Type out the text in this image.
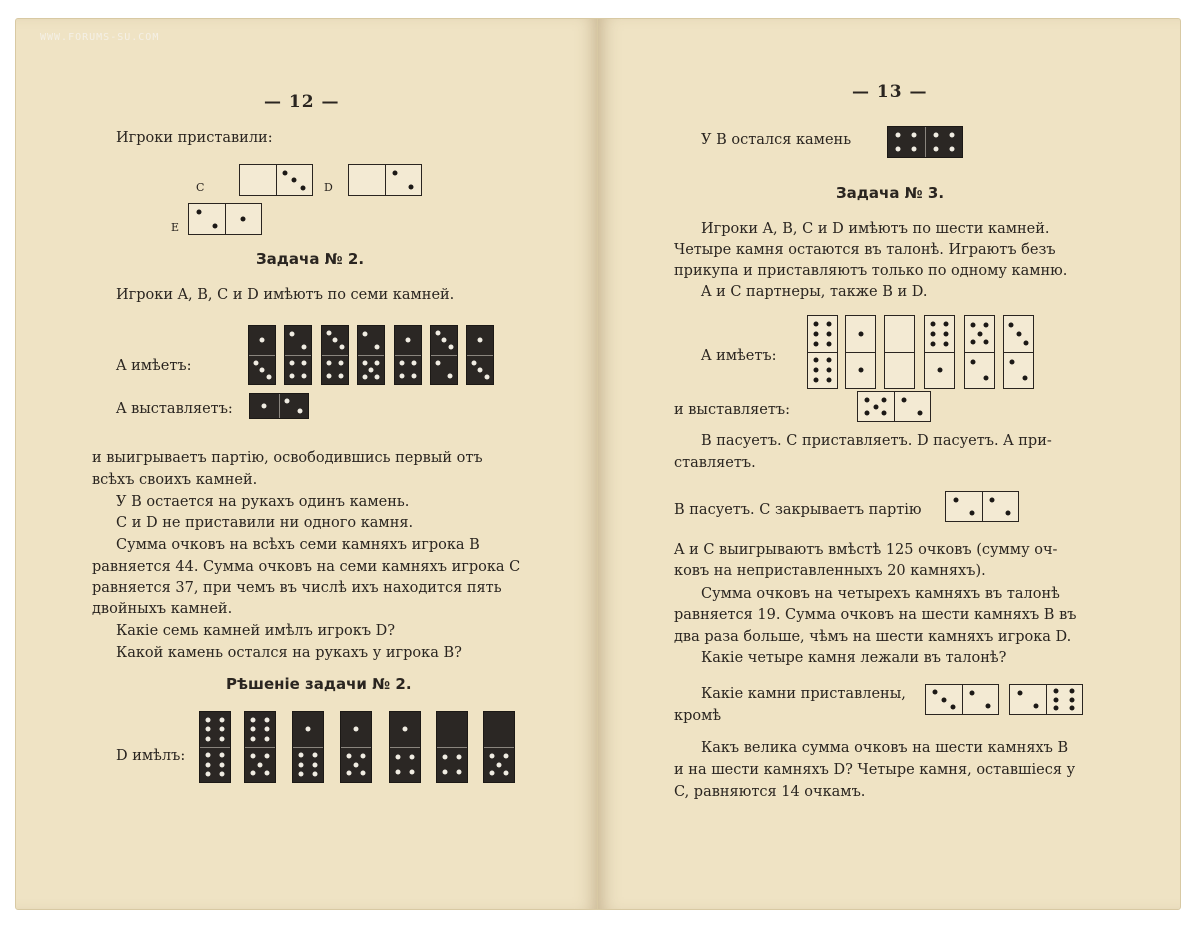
WWW.FORUMS-SU.COM
— 12 —
Игроки приставили:
C	D
E
Задача № 2.
Игроки A, B, C и D имѣютъ по семи камней.
A имѣетъ:
A выставляетъ:
и выигрываетъ партію, освободившись первый отъ
всѣхъ своихъ камней.
У B остается на рукахъ одинъ камень.
C и D не приставили ни одного камня.
Сумма очковъ на всѣхъ семи камняхъ игрока B
равняется 44. Сумма очковъ на семи камняхъ игрока C
равняется 37, при чемъ въ числѣ ихъ находится пять
двойныхъ камней.
Какіе семь камней имѣлъ игрокъ D?
Какой камень остался на рукахъ у игрока B?
Рѣшеніе задачи № 2.
D имѣлъ:
— 13 —
У B остался камень
Задача № 3.
Игроки A, B, C и D имѣютъ по шести камней.
Четыре камня остаются въ талонѣ. Играютъ безъ
прикупа и приставляютъ только по одному камню.
A и C партнеры, также B и D.
A имѣетъ:
и выставляетъ:
B пасуетъ. C приставляетъ. D пасуетъ. A при-
ставляетъ.
B пасуетъ. C закрываетъ партію
A и C выигрываютъ вмѣстѣ 125 очковъ (сумму оч-
ковъ на неприставленныхъ 20 камняхъ).
Сумма очковъ на четырехъ камняхъ въ талонѣ
равняется 19. Сумма очковъ на шести камняхъ B въ
два раза больше, чѣмъ на шести камняхъ игрока D.
Какіе четыре камня лежали въ талонѣ?
Какіе камни приставлены,
кромѣ
Какъ велика сумма очковъ на шести камняхъ B
и на шести камняхъ D? Четыре камня, оставшіеся у
C, равняются 14 очкамъ.
